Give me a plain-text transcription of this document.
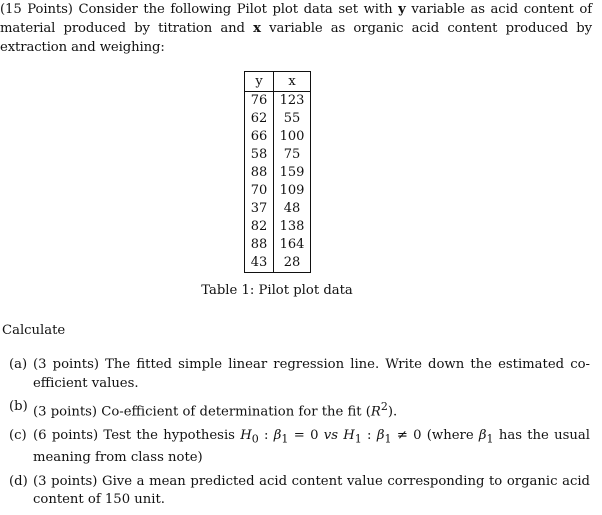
(15 Points) Consider the following Pilot plot data set with y variable as acid content of material produced by titration and x variable as organic acid content produced by extraction and weighing:
y	x
76	123
62	55
66	100
58	75
88	159
70	109
37	48
82	138
88	164
43	28
Table 1: Pilot plot data
Calculate
(a) (3 points) The fitted simple linear regression line. Write down the estimated co-efficient values.
(b) (3 points) Co-efficient of determination for the fit $(R^2)$.
(c) (6 points) Test the hypothesis $H_0$ : $\beta_1 = 0$ vs $H_1$ : $\beta_1 \ne 0$ (where $\beta_1$ has the usual meaning from class note)
(d) (3 points) Give a mean predicted acid content value corresponding to organic acid content of 150 unit.
